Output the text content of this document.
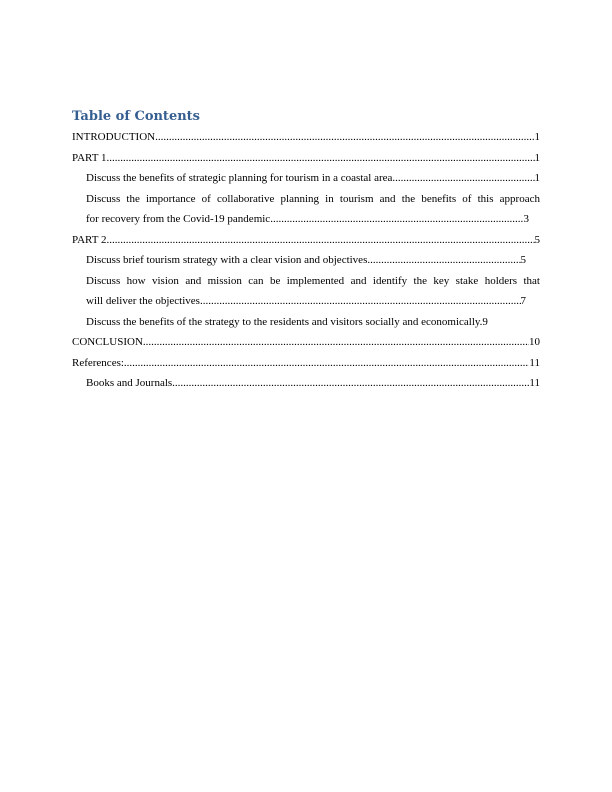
Table of Contents
INTRODUCTION .....	1
PART 1 .....	1
Discuss the benefits of strategic planning for tourism in a coastal area .....	1
Discuss the importance of collaborative planning in tourism and the benefits of this approach
for recovery from the Covid-19 pandemic .....	3
PART 2 .....	5
Discuss brief tourism strategy with a clear vision and objectives .....	5
Discuss how vision and mission can be implemented and identify the key stake holders that
will deliver the objectives .....	7
Discuss the benefits of the strategy to the residents and visitors socially and economically. 9
CONCLUSION .....	10
References: .....	11
Books and Journals .....	11
